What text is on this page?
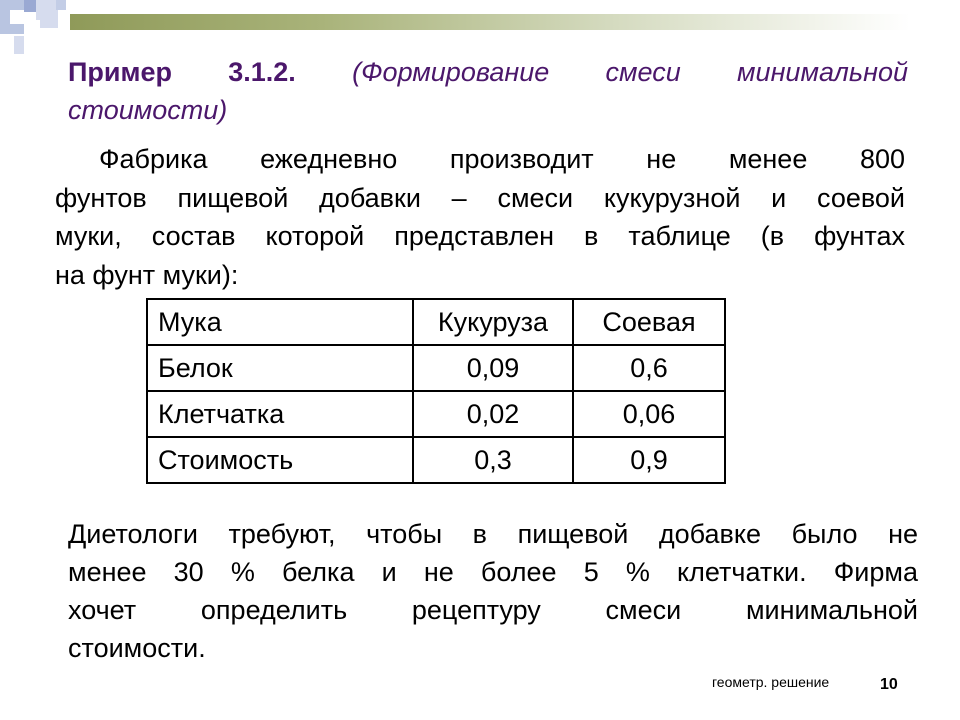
Пример 3.1.2. (Формирование смеси минимальной
стоимости)
Фабрика ежедневно производит не менее 800
фунтов пищевой добавки – смеси кукурузной и соевой
муки, состав которой представлен в таблице (в фунтах
на фунт муки):
Мука	Кукуруза	Соевая
Белок	0,09	0,6
Клетчатка	0,02	0,06
Стоимость	0,3	0,9
Диетологи требуют, чтобы в пищевой добавке было не
менее 30 % белка и не более 5 % клетчатки. Фирма
хочет определить рецептуру смеси минимальной
стоимости.
геометр. решение	10
